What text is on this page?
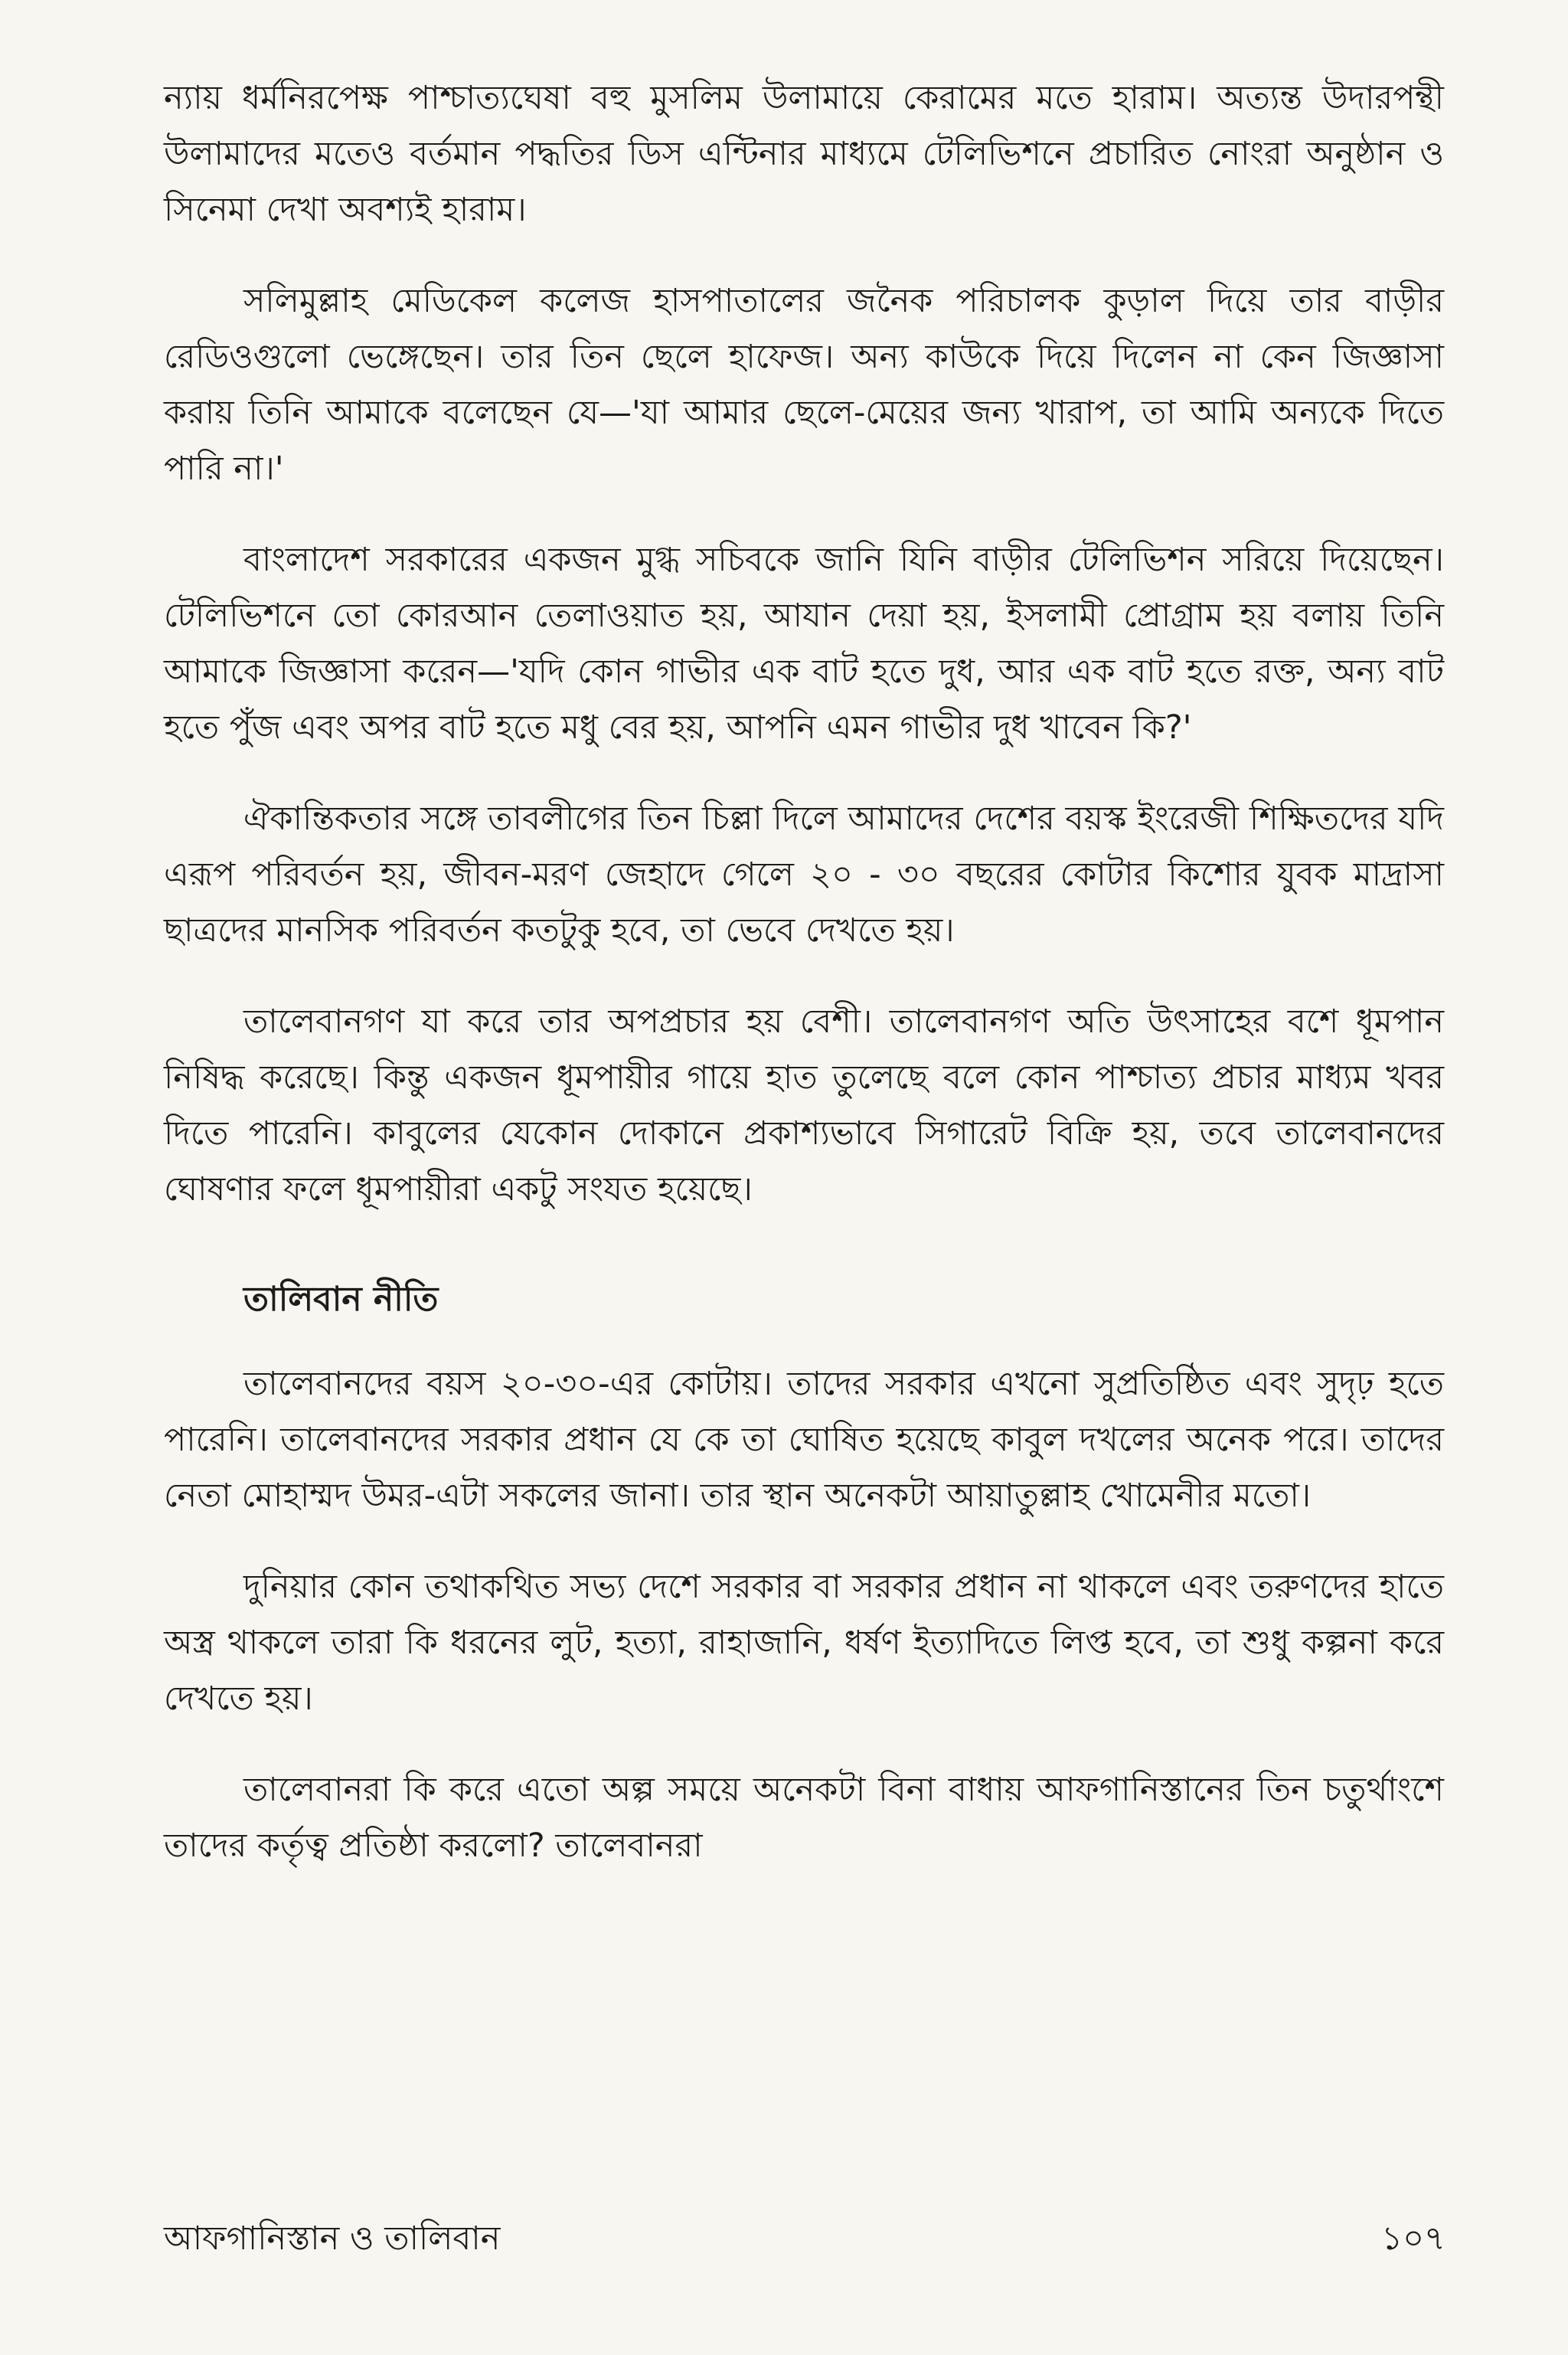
ন্যায় ধর্মনিরপেক্ষ পাশ্চাত্যঘেষা বহু মুসলিম উলামায়ে কেরামের মতে হারাম। অত্যন্ত উদারপন্থী উলামাদের মতেও বর্তমান পদ্ধতির ডিস এন্টিনার মাধ্যমে টেলিভিশনে প্রচারিত নোংরা অনুষ্ঠান ও সিনেমা দেখা অবশ্যই হারাম।

সলিমুল্লাহ মেডিকেল কলেজ হাসপাতালের জনৈক পরিচালক কুড়াল দিয়ে তার বাড়ীর রেডিওগুলো ভেঙ্গেছেন। তার তিন ছেলে হাফেজ। অন্য কাউকে দিয়ে দিলেন না কেন জিজ্ঞাসা করায় তিনি আমাকে বলেছেন যে—'যা আমার ছেলে-মেয়ের জন্য খারাপ, তা আমি অন্যকে দিতে পারি না।'

বাংলাদেশ সরকারের একজন মুগ্ধ সচিবকে জানি যিনি বাড়ীর টেলিভিশন সরিয়ে দিয়েছেন। টেলিভিশনে তো কোরআন তেলাওয়াত হয়, আযান দেয়া হয়, ইসলামী প্রোগ্রাম হয় বলায় তিনি আমাকে জিজ্ঞাসা করেন—'যদি কোন গাভীর এক বাট হতে দুধ, আর এক বাট হতে রক্ত, অন্য বাট হতে পুঁজ এবং অপর বাট হতে মধু বের হয়, আপনি এমন গাভীর দুধ খাবেন কি?'

ঐকান্তিকতার সঙ্গে তাবলীগের তিন চিল্লা দিলে আমাদের দেশের বয়স্ক ইংরেজী শিক্ষিতদের যদি এরূপ পরিবর্তন হয়, জীবন-মরণ জেহাদে গেলে ২০ - ৩০ বছরের কোটার কিশোর যুবক মাদ্রাসা ছাত্রদের মানসিক পরিবর্তন কতটুকু হবে, তা ভেবে দেখতে হয়।

তালেবানগণ যা করে তার অপপ্রচার হয় বেশী। তালেবানগণ অতি উৎসাহের বশে ধূমপান নিষিদ্ধ করেছে। কিন্তু একজন ধূমপায়ীর গায়ে হাত তুলেছে বলে কোন পাশ্চাত্য প্রচার মাধ্যম খবর দিতে পারেনি। কাবুলের যেকোন দোকানে প্রকাশ্যভাবে সিগারেট বিক্রি হয়, তবে তালেবানদের ঘোষণার ফলে ধূমপায়ীরা একটু সংযত হয়েছে।

তালিবান নীতি

তালেবানদের বয়স ২০-৩০-এর কোটায়। তাদের সরকার এখনো সুপ্রতিষ্ঠিত এবং সুদৃঢ় হতে পারেনি। তালেবানদের সরকার প্রধান যে কে তা ঘোষিত হয়েছে কাবুল দখলের অনেক পরে। তাদের নেতা মোহাম্মদ উমর-এটা সকলের জানা। তার স্থান অনেকটা আয়াতুল্লাহ খোমেনীর মতো।

দুনিয়ার কোন তথাকথিত সভ্য দেশে সরকার বা সরকার প্রধান না থাকলে এবং তরুণদের হাতে অস্ত্র থাকলে তারা কি ধরনের লুট, হত্যা, রাহাজানি, ধর্ষণ ইত্যাদিতে লিপ্ত হবে, তা শুধু কল্পনা করে দেখতে হয়।

তালেবানরা কি করে এতো অল্প সময়ে অনেকটা বিনা বাধায় আফগানিস্তানের তিন চতুর্থাংশে তাদের কর্তৃত্ব প্রতিষ্ঠা করলো? তালেবানরা

আফগানিস্তান ও তালিবান	১০৭
